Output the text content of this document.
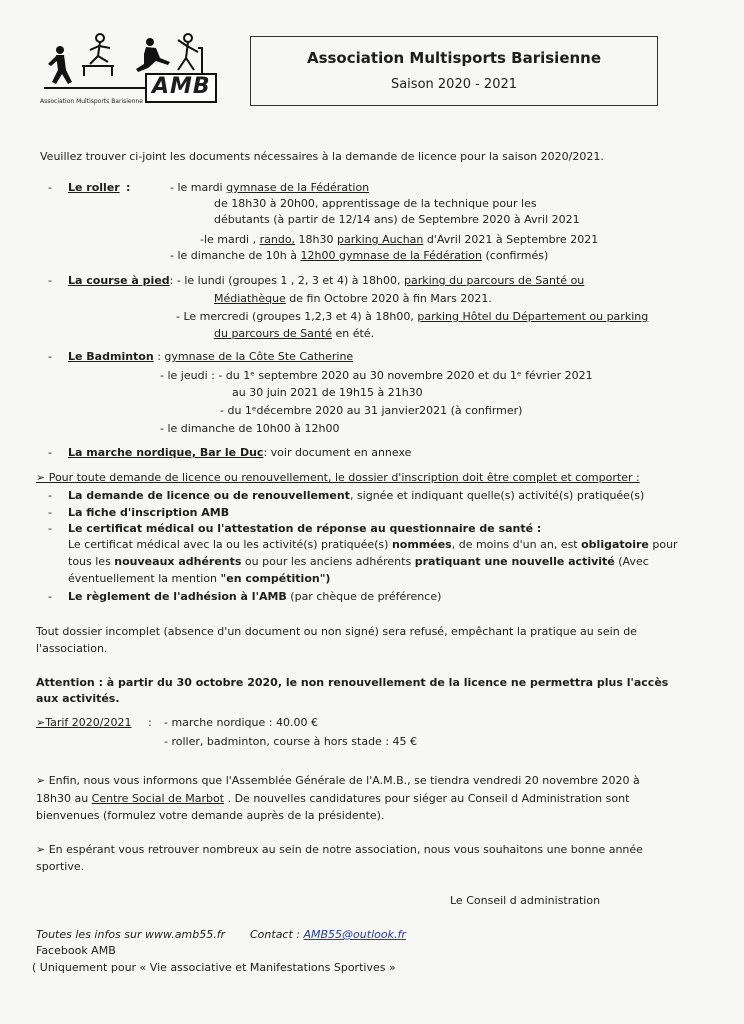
AMB
Association Multisports Barisienne
Association Multisports Barisienne
Saison 2020 - 2021
Veuillez trouver ci-joint les documents nécessaires à la demande de licence pour la saison 2020/2021.
- Le roller :	- le mardi gymnase de la Fédération
de 18h30 à 20h00, apprentissage de la technique pour les
débutants (à partir de 12/14 ans) de Septembre 2020 à Avril 2021
-le mardi , rando, 18h30 parking Auchan d'Avril 2021 à Septembre 2021
- le dimanche de 10h à 12h00 gymnase de la Fédération (confirmés)
- La course à pied: - le lundi (groupes 1 , 2, 3 et 4) à 18h00, parking du parcours de Santé ou
Médiathèque de fin Octobre 2020 à fin Mars 2021.
- Le mercredi (groupes 1,2,3 et 4) à 18h00, parking Hôtel du Département ou parking
du parcours de Santé en été.
- Le Badminton : gymnase de la Côte Ste Catherine
- le jeudi : - du 1ᵉ septembre 2020 au 30 novembre 2020 et du 1ᵉ février 2021
au 30 juin 2021 de 19h15 à 21h30
- du 1ᵉdécembre 2020 au 31 janvier2021 (à confirmer)
- le dimanche de 10h00 à 12h00
- La marche nordique, Bar le Duc: voir document en annexe
➢ Pour toute demande de licence ou renouvellement, le dossier d'inscription doit être complet et comporter :
- La demande de licence ou de renouvellement, signée et indiquant quelle(s) activité(s) pratiquée(s)
- La fiche d'inscription AMB
- Le certificat médical ou l'attestation de réponse au questionnaire de santé :
Le certificat médical avec la ou les activité(s) pratiquée(s) nommées, de moins d'un an, est obligatoire pour
tous les nouveaux adhérents ou pour les anciens adhérents pratiquant une nouvelle activité (Avec
éventuellement la mention "en compétition")
- Le règlement de l'adhésion à l'AMB (par chèque de préférence)
Tout dossier incomplet (absence d'un document ou non signé) sera refusé, empêchant la pratique au sein de
l'association.
Attention : à partir du 30 octobre 2020, le non renouvellement de la licence ne permettra plus l'accès
aux activités.
➢Tarif 2020/2021 : - marche nordique : 40.00 €
- roller, badminton, course à hors stade : 45 €
➢ Enfin, nous vous informons que l'Assemblée Générale de l'A.M.B., se tiendra vendredi 20 novembre 2020 à
18h30 au Centre Social de Marbot . De nouvelles candidatures pour siéger au Conseil d Administration sont
bienvenues (formulez votre demande auprès de la présidente).
➢ En espérant vous retrouver nombreux au sein de notre association, nous vous souhaitons une bonne année
sportive.
Le Conseil d administration
Toutes les infos sur www.amb55.fr Contact : AMB55@outlook.fr
Facebook AMB
( Uniquement pour « Vie associative et Manifestations Sportives »
